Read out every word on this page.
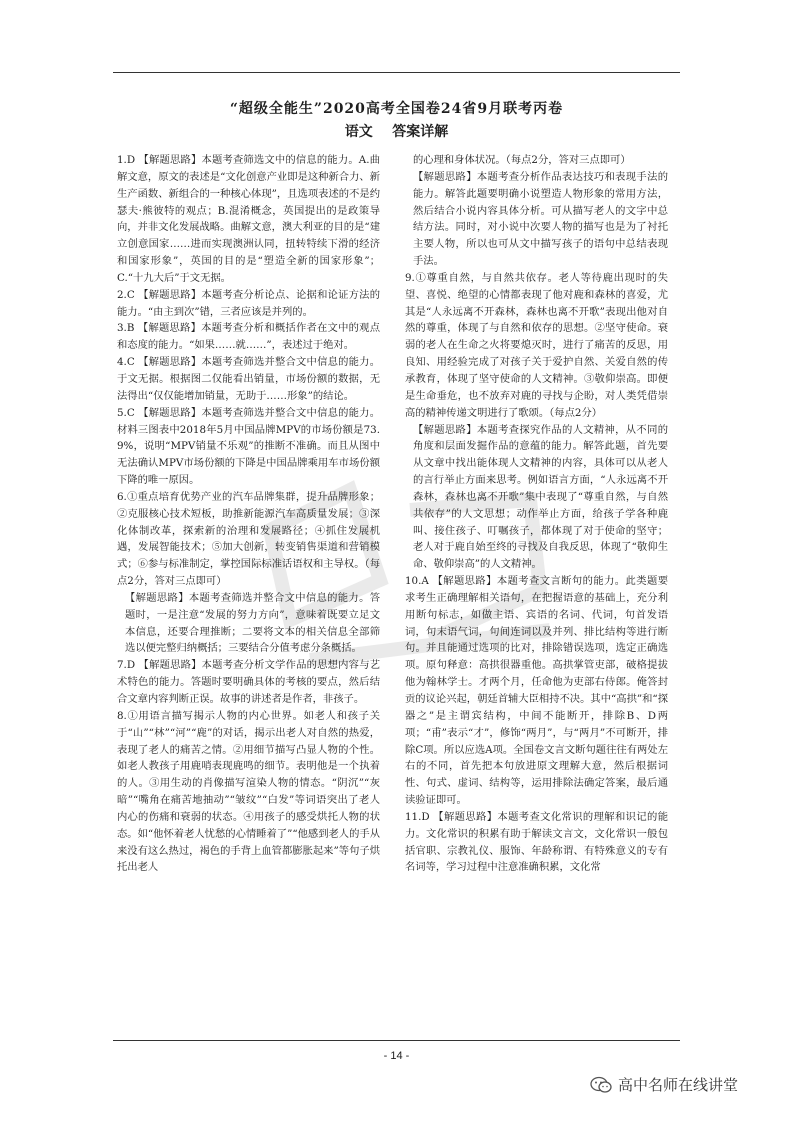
“超级全能生”2020高考全国卷24省9月联考丙卷
语文    答案详解

1.D 【解题思路】本题考查筛选文中的信息的能力。A.曲解文意，原文的表述是“文化创意产业即是这种新合力、新生产函数、新组合的一种核心体现”，且选项表述的不是约瑟夫·熊彼特的观点；B.混淆概念，英国提出的是政策导向，并非文化发展战略。曲解文意，澳大利亚的目的是“建立创意国家……进而实现澳洲认同，扭转特续下滑的经济和国家形象”，英国的目的是“塑造全新的国家形象”；C.“十九大后”于文无据。

2.C 【解题思路】本题考查分析论点、论据和论证方法的能力。“由主到次”错，三者应该是并列的。

3.B 【解题思路】本题考查分析和概括作者在文中的观点和态度的能力。“如果……就……”，表述过于绝对。

4.C 【解题思路】本题考查筛选并整合文中信息的能力。于文无据。根据图二仅能看出销量，市场份额的数据，无法得出“仅仅能增加销量，无助于……形象”的结论。

5.C 【解题思路】本题考查筛选并整合文中信息的能力。材料三图表中2018年5月中国品牌MPV的市场份额是73.9%，说明“MPV销量不乐观”的推断不准确。而且从图中无法确认MPV市场份额的下降是中国品牌乘用车市场份额下降的唯一原因。

6.①重点培育优势产业的汽车品牌集群，提升品牌形象；②克服核心技术短板，助推新能源汽车高质量发展；③深化体制改革，探索新的治理和发展路径；④抓住发展机遇，发展智能技术；⑤加大创新，转变销售渠道和营销模式；⑥参与标准制定，掌控国际标准话语权和主导权。（每点2分，答对三点即可）

【解题思路】本题考查筛选并整合文中信息的能力。答题时，一是注意“发展的努力方向”，意味着既要立足文本信息，还要合理推断；二要将文本的相关信息全部筛选以便完整归纳概括；三要结合分值考虑分条概括。

7.D 【解题思路】本题考查分析文学作品的思想内容与艺术特色的能力。答题时要明确具体的考核的要点，然后结合文章内容判断正误。故事的讲述者是作者，非孩子。

8.①用语言描写揭示人物的内心世界。如老人和孩子关于“山”“林”“河”“鹿”的对话，揭示出老人对自然的热爱，表现了老人的痛苦之情。②用细节描写凸显人物的个性。如老人教孩子用鹿哨表现鹿鸣的细节。表明他是一个执着的人。③用生动的肖像描写渲染人物的情态。“阴沉”“灰暗”“嘴角在痛苦地抽动”“皱纹”“白发”等词语突出了老人内心的伤痛和衰弱的状态。④用孩子的感受烘托人物的状态。如“他怀着老人忧愁的心情睡着了”“他感到老人的手从来没有这么热过，褐色的手背上血管都膨胀起来”等句子烘托出老人

的心理和身体状况。（每点2分，答对三点即可）

【解题思路】本题考查分析作品表达技巧和表现手法的能力。解答此题要明确小说塑造人物形象的常用方法，然后结合小说内容具体分析。可从描写老人的文字中总结方法。同时，对小说中次要人物的描写也是为了衬托主要人物，所以也可从文中描写孩子的语句中总结表现手法。

9.①尊重自然，与自然共依存。老人等待鹿出现时的失望、喜悦、绝望的心情都表现了他对鹿和森林的喜爱，尤其是“人永远离不开森林，森林也离不开歌”表现出他对自然的尊重，体现了与自然和依存的思想。②坚守使命。衰弱的老人在生命之火将要熄灭时，进行了痛苦的反思，用良知、用经验完成了对孩子关于爱护自然、关爱自然的传承教育，体现了坚守使命的人文精神。③敬仰崇高。即便是生命垂危，也不放弃对鹿的寻找与企盼，对人类凭借崇高的精神传递文明进行了歌颂。（每点2分）

【解题思路】本题考查探究作品的人文精神，从不同的角度和层面发掘作品的意蕴的能力。解答此题，首先要从文章中找出能体现人文精神的内容，具体可以从老人的言行举止方面来思考。例如语言方面，“人永远离不开森林，森林也离不开歌”集中表现了“尊重自然，与自然共依存”的人文思想；动作举止方面，给孩子学各种鹿叫、接住孩子、叮嘱孩子，都体现了对于使命的坚守；老人对于鹿自始至终的寻找及自我反思，体现了“敬仰生命、敬仰崇高”的人文精神。

10.A 【解题思路】本题考查文言断句的能力。此类题要求考生正确理解相关语句，在把握语意的基础上，充分利用断句标志，如做主语、宾语的名词、代词，句首发语词，句末语气词，句间连词以及并列、排比结构等进行断句。并且能通过选项的比对，排除错误选项，选定正确选项。原句释意：高拱很器重他。高拱掌管吏部，破格提拔他为翰林学士。才两个月，任命他为吏部右侍郎。俺答封贡的议论兴起，朝廷首辅大臣相持不决。其中“高拱”和“探器之”是主谓宾结构，中间不能断开，排除B、D两项；“甫”表示“才”，修饰“两月”，与“两月”不可断开，排除C项。所以应选A项。全国卷文言文断句题往往有两处左右的不同，首先把本句放进原文理解大意，然后根据词性、句式、虚词、结构等，运用排除法确定答案，最后通读验证即可。

11.D 【解题思路】本题考查文化常识的理解和识记的能力。文化常识的积累有助于解读文言文，文化常识一般包括官职、宗教礼仪、服饰、年龄称谓、有特殊意义的专有名词等，学习过程中注意准确积累，文化常

- 14 -
高中名师在线讲堂
